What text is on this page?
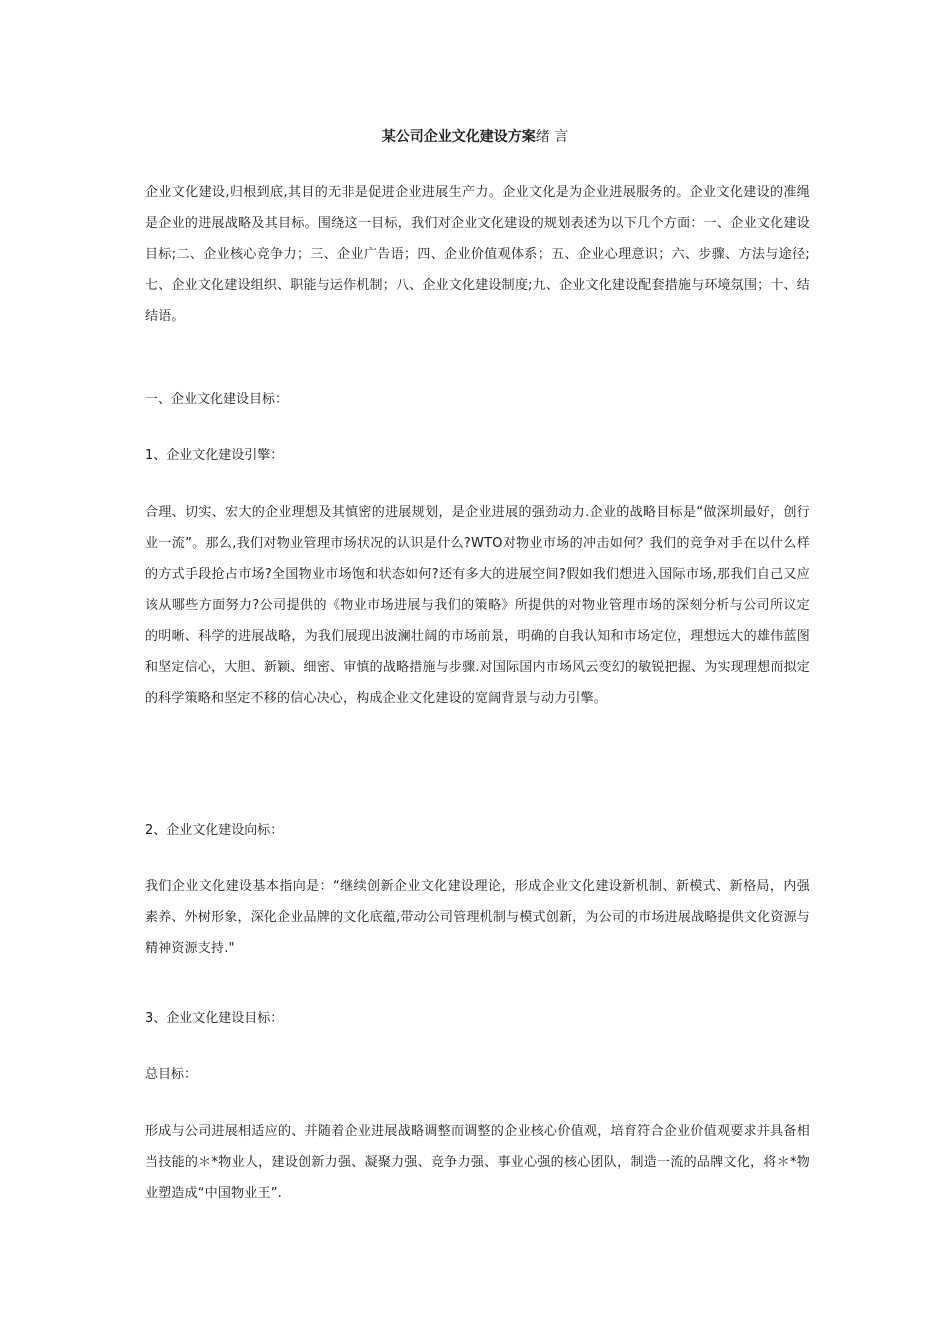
某公司企业文化建设方案绪 言

企业文化建设,归根到底,其目的无非是促进企业进展生产力。企业文化是为企业进展服务的。企业文化建设的准绳是企业的进展战略及其目标。围绕这一目标，我们对企业文化建设的规划表述为以下几个方面：一、企业文化建设目标;二、企业核心竞争力；三、企业广告语；四、企业价值观体系；五、企业心理意识；六、步骤、方法与途径;七、企业文化建设组织、职能与运作机制；八、企业文化建设制度;九、企业文化建设配套措施与环境氛围；十、结结语。

一、企业文化建设目标：

1、企业文化建设引擎：

合理、切实、宏大的企业理想及其慎密的进展规划，是企业进展的强劲动力.企业的战略目标是“做深圳最好，创行业一流”。那么,我们对物业管理市场状况的认识是什么?WTO对物业市场的冲击如何？我们的竞争对手在以什么样的方式手段抢占市场?全国物业市场饱和状态如何?还有多大的进展空间?假如我们想进入国际市场,那我们自己又应该从哪些方面努力?公司提供的《物业市场进展与我们的策略》所提供的对物业管理市场的深刻分析与公司所议定的明晰、科学的进展战略，为我们展现出波澜壮阔的市场前景，明确的自我认知和市场定位，理想远大的雄伟蓝图和坚定信心，大胆、新颖、细密、审慎的战略措施与步骤.对国际国内市场风云变幻的敏锐把握、为实现理想而拟定的科学策略和坚定不移的信心决心，构成企业文化建设的宽阔背景与动力引擎。

2、企业文化建设向标：

我们企业文化建设基本指向是：“继续创新企业文化建设理论，形成企业文化建设新机制、新模式、新格局，内强素养、外树形象，深化企业品牌的文化底蕴,带动公司管理机制与模式创新，为公司的市场进展战略提供文化资源与精神资源支持."

3、企业文化建设目标：

总目标：

形成与公司进展相适应的、并随着企业进展战略调整而调整的企业核心价值观，培育符合企业价值观要求并具备相当技能的＊*物业人，建设创新力强、凝聚力强、竞争力强、事业心强的核心团队，制造一流的品牌文化，将＊*物业塑造成“中国物业王”.
